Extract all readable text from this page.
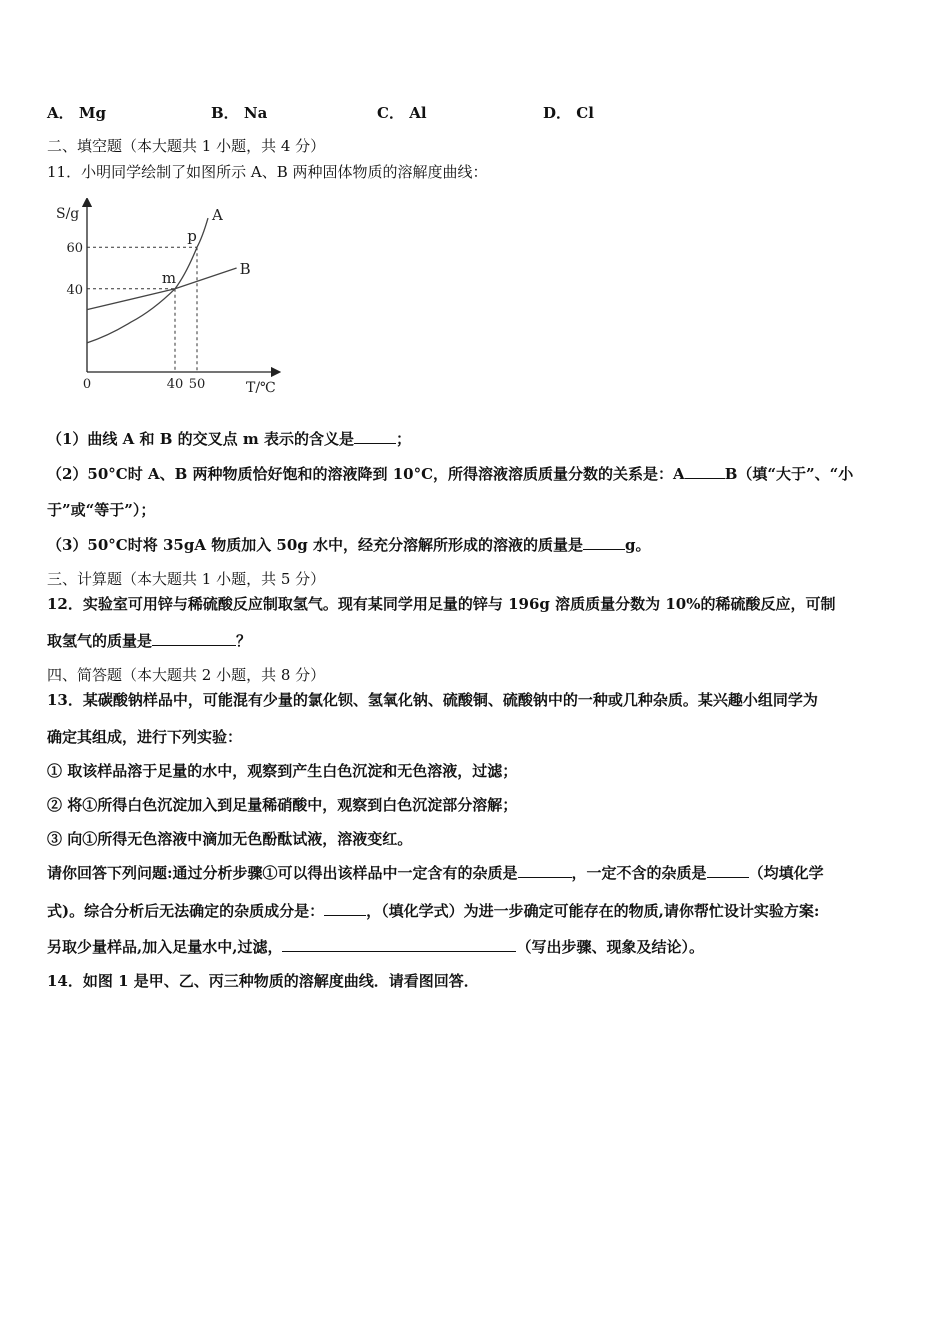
A． Mg	B． Na	C． Al	D． Cl
二、填空题（本大题共 1 小题，共 4 分）
11．小明同学绘制了如图所示 A、B 两种固体物质的溶解度曲线：
S/g
T/℃
40
60
0	40 50
A
B
m
p
（1）曲线 A 和 B 的交叉点 m 表示的含义是	；
（2）50°C时 A、B 两种物质恰好饱和的溶液降到 10°C，所得溶液溶质质量分数的关系是：A	B（填“大于”、“小
于”或“等于”）；
（3）50°C时将 35gA 物质加入 50g 水中，经充分溶解所形成的溶液的质量是	g。
三、计算题（本大题共 1 小题，共 5 分）
12．实验室可用锌与稀硫酸反应制取氢气。现有某同学用足量的锌与 196g 溶质质量分数为 10%的稀硫酸反应，可制
取氢气的质量是	？
四、简答题（本大题共 2 小题，共 8 分）
13．某碳酸钠样品中，可能混有少量的氯化钡、氢氧化钠、硫酸铜、硫酸钠中的一种或几种杂质。某兴趣小组同学为
确定其组成，进行下列实验：
① 取该样品溶于足量的水中，观察到产生白色沉淀和无色溶液，过滤；
② 将①所得白色沉淀加入到足量稀硝酸中，观察到白色沉淀部分溶解；
③ 向①所得无色溶液中滴加无色酚酞试液，溶液变红。
请你回答下列问题:通过分析步骤①可以得出该样品中一定含有的杂质是	，一定不含的杂质是	（均填化学
式)。综合分析后无法确定的杂质成分是：	，（填化学式）为进一步确定可能存在的物质,请你帮忙设计实验方案:
另取少量样品,加入足量水中,过滤，	（写出步骤、现象及结论）。
14．如图 1 是甲、乙、丙三种物质的溶解度曲线．请看图回答．
